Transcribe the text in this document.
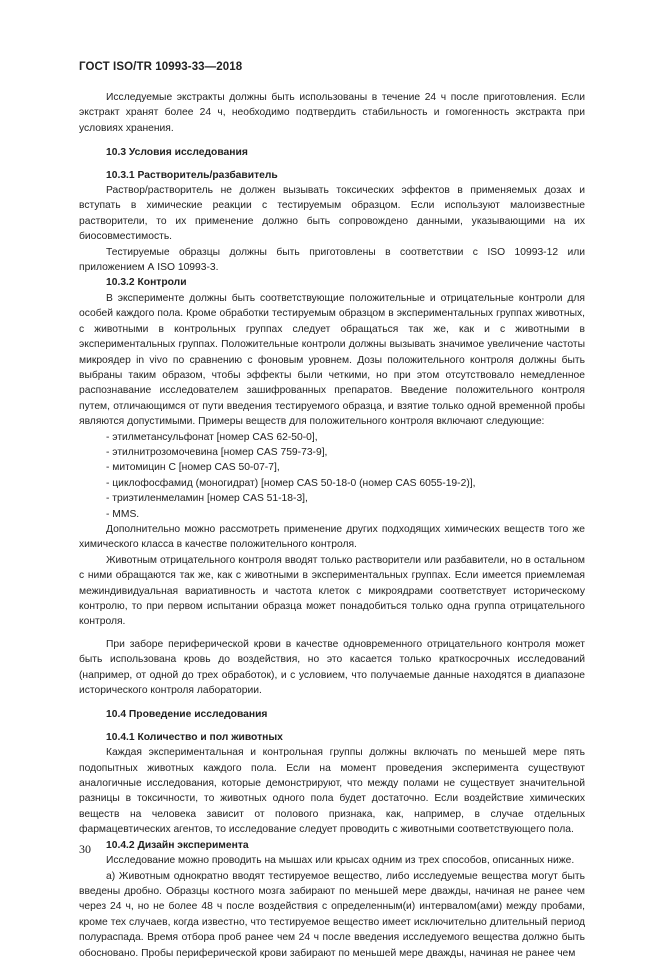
ГОСТ ISO/TR 10993-33—2018

Исследуемые экстракты должны быть использованы в течение 24 ч после приготовления. Если экстракт хранят более 24 ч, необходимо подтвердить стабильность и гомогенность экстракта при условиях хранения.

10.3 Условия исследования

10.3.1 Растворитель/разбавитель

Раствор/растворитель не должен вызывать токсических эффектов в применяемых дозах и вступать в химические реакции с тестируемым образцом. Если используют малоизвестные растворители, то их применение должно быть сопровождено данными, указывающими на их биосовместимость.

Тестируемые образцы должны быть приготовлены в соответствии с ISO 10993-12 или приложением А ISO 10993-3.

10.3.2 Контроли

В эксперименте должны быть соответствующие положительные и отрицательные контроли для особей каждого пола. Кроме обработки тестируемым образцом в экспериментальных группах животных, с животными в контрольных группах следует обращаться так же, как и с животными в экспериментальных группах. Положительные контроли должны вызывать значимое увеличение частоты микроядер in vivo по сравнению с фоновым уровнем. Дозы положительного контроля должны быть выбраны таким образом, чтобы эффекты были четкими, но при этом отсутствовало немедленное распознавание исследователем зашифрованных препаратов. Введение положительного контроля путем, отличающимся от пути введения тестируемого образца, и взятие только одной временной пробы являются допустимыми. Примеры веществ для положительного контроля включают следующие:

- этилметансульфонат [номер CAS 62-50-0],

- этилнитрозомочевина [номер CAS 759-73-9],

- митомицин С [номер CAS 50-07-7],

- циклофосфамид (моногидрат) [номер CAS 50-18-0 (номер CAS 6055-19-2)],

- триэтиленмеламин [номер CAS 51-18-3],

- MMS.

Дополнительно можно рассмотреть применение других подходящих химических веществ того же химического класса в качестве положительного контроля.

Животным отрицательного контроля вводят только растворители или разбавители, но в остальном с ними обращаются так же, как с животными в экспериментальных группах. Если имеется приемлемая межиндивидуальная вариативность и частота клеток с микроядрами соответствует историческому контролю, то при первом испытании образца может понадобиться только одна группа отрицательного контроля.

При заборе периферической крови в качестве одновременного отрицательного контроля может быть использована кровь до воздействия, но это касается только краткосрочных исследований (например, от одной до трех обработок), и с условием, что получаемые данные находятся в диапазоне исторического контроля лаборатории.

10.4 Проведение исследования

10.4.1 Количество и пол животных

Каждая экспериментальная и контрольная группы должны включать по меньшей мере пять подопытных животных каждого пола. Если на момент проведения эксперимента существуют аналогичные исследования, которые демонстрируют, что между полами не существует значительной разницы в токсичности, то животных одного пола будет достаточно. Если воздействие химических веществ на человека зависит от полового признака, как, например, в случае отдельных фармацевтических агентов, то исследование следует проводить с животными соответствующего пола.

10.4.2 Дизайн эксперимента

Исследование можно проводить на мышах или крысах одним из трех способов, описанных ниже.

а) Животным однократно вводят тестируемое вещество, либо исследуемые вещества могут быть введены дробно. Образцы костного мозга забирают по меньшей мере дважды, начиная не ранее чем через 24 ч, но не более 48 ч после воздействия с определенным(и) интервалом(ами) между пробами, кроме тех случаев, когда известно, что тестируемое вещество имеет исключительно длительный период полураспада. Время отбора проб ранее чем 24 ч после введения исследуемого вещества должно быть обосновано. Пробы периферической крови забирают по меньшей мере дважды, начиная не ранее чем

30
